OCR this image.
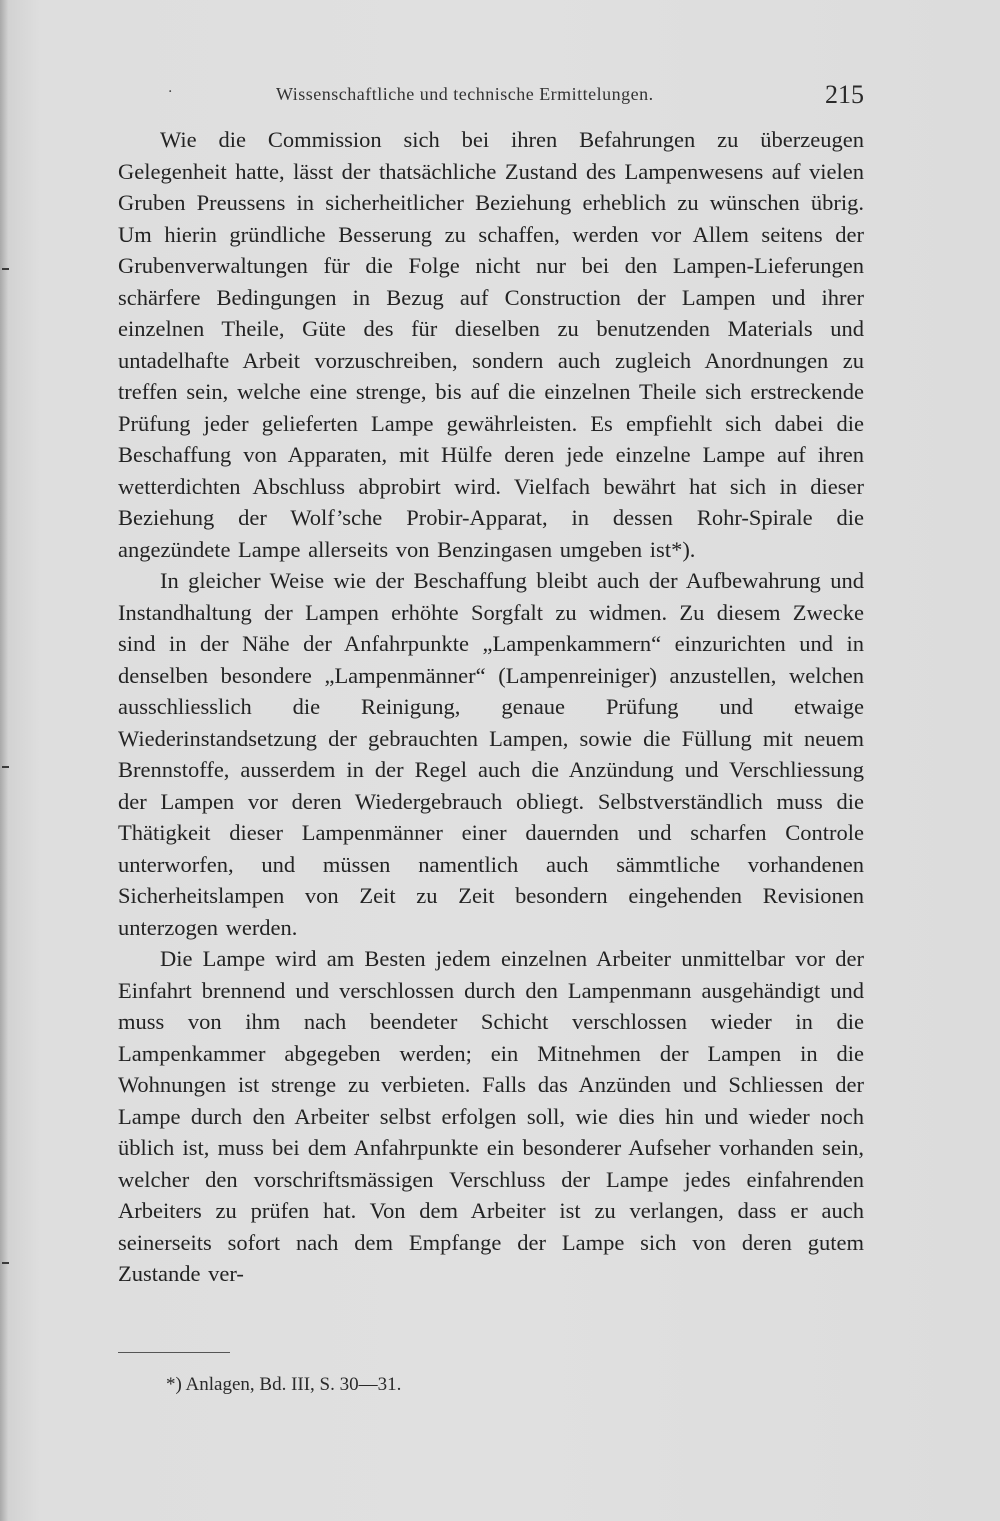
·	Wissenschaftliche und technische Ermittelungen.	215

Wie die Commission sich bei ihren Befahrungen zu überzeugen Gelegenheit hatte, lässt der thatsächliche Zustand des Lampenwesens auf vielen Gruben Preussens in sicherheitlicher Beziehung erheblich zu wünschen übrig. Um hierin gründliche Besserung zu schaffen, werden vor Allem seitens der Grubenverwaltungen für die Folge nicht nur bei den Lampen-Lieferungen schärfere Bedingungen in Bezug auf Construction der Lampen und ihrer einzelnen Theile, Güte des für dieselben zu benutzenden Materials und untadelhafte Arbeit vorzuschreiben, sondern auch zugleich Anordnungen zu treffen sein, welche eine strenge, bis auf die einzelnen Theile sich erstreckende Prüfung jeder gelieferten Lampe gewährleisten. Es empfiehlt sich dabei die Beschaffung von Apparaten, mit Hülfe deren jede einzelne Lampe auf ihren wetterdichten Abschluss abprobirt wird. Vielfach bewährt hat sich in dieser Beziehung der Wolf’sche Probir-Apparat, in dessen Rohr-Spirale die angezündete Lampe allerseits von Benzingasen umgeben ist*).

In gleicher Weise wie der Beschaffung bleibt auch der Aufbewahrung und Instandhaltung der Lampen erhöhte Sorgfalt zu widmen. Zu diesem Zwecke sind in der Nähe der Anfahrpunkte „Lampenkammern“ einzurichten und in denselben besondere „Lampenmänner“ (Lampenreiniger) anzustellen, welchen ausschliesslich die Reinigung, genaue Prüfung und etwaige Wiederinstandsetzung der gebrauchten Lampen, sowie die Füllung mit neuem Brennstoffe, ausserdem in der Regel auch die Anzündung und Verschliessung der Lampen vor deren Wiedergebrauch obliegt. Selbstverständlich muss die Thätigkeit dieser Lampenmänner einer dauernden und scharfen Controle unterworfen, und müssen namentlich auch sämmtliche vorhandenen Sicherheitslampen von Zeit zu Zeit besondern eingehenden Revisionen unterzogen werden.

Die Lampe wird am Besten jedem einzelnen Arbeiter unmittelbar vor der Einfahrt brennend und verschlossen durch den Lampenmann ausgehändigt und muss von ihm nach beendeter Schicht verschlossen wieder in die Lampenkammer abgegeben werden; ein Mitnehmen der Lampen in die Wohnungen ist strenge zu verbieten. Falls das Anzünden und Schliessen der Lampe durch den Arbeiter selbst erfolgen soll, wie dies hin und wieder noch üblich ist, muss bei dem Anfahrpunkte ein besonderer Aufseher vorhanden sein, welcher den vorschriftsmässigen Verschluss der Lampe jedes einfahrenden Arbeiters zu prüfen hat. Von dem Arbeiter ist zu verlangen, dass er auch seinerseits sofort nach dem Empfange der Lampe sich von deren gutem Zustande ver-

*) Anlagen, Bd. III, S. 30—31.
